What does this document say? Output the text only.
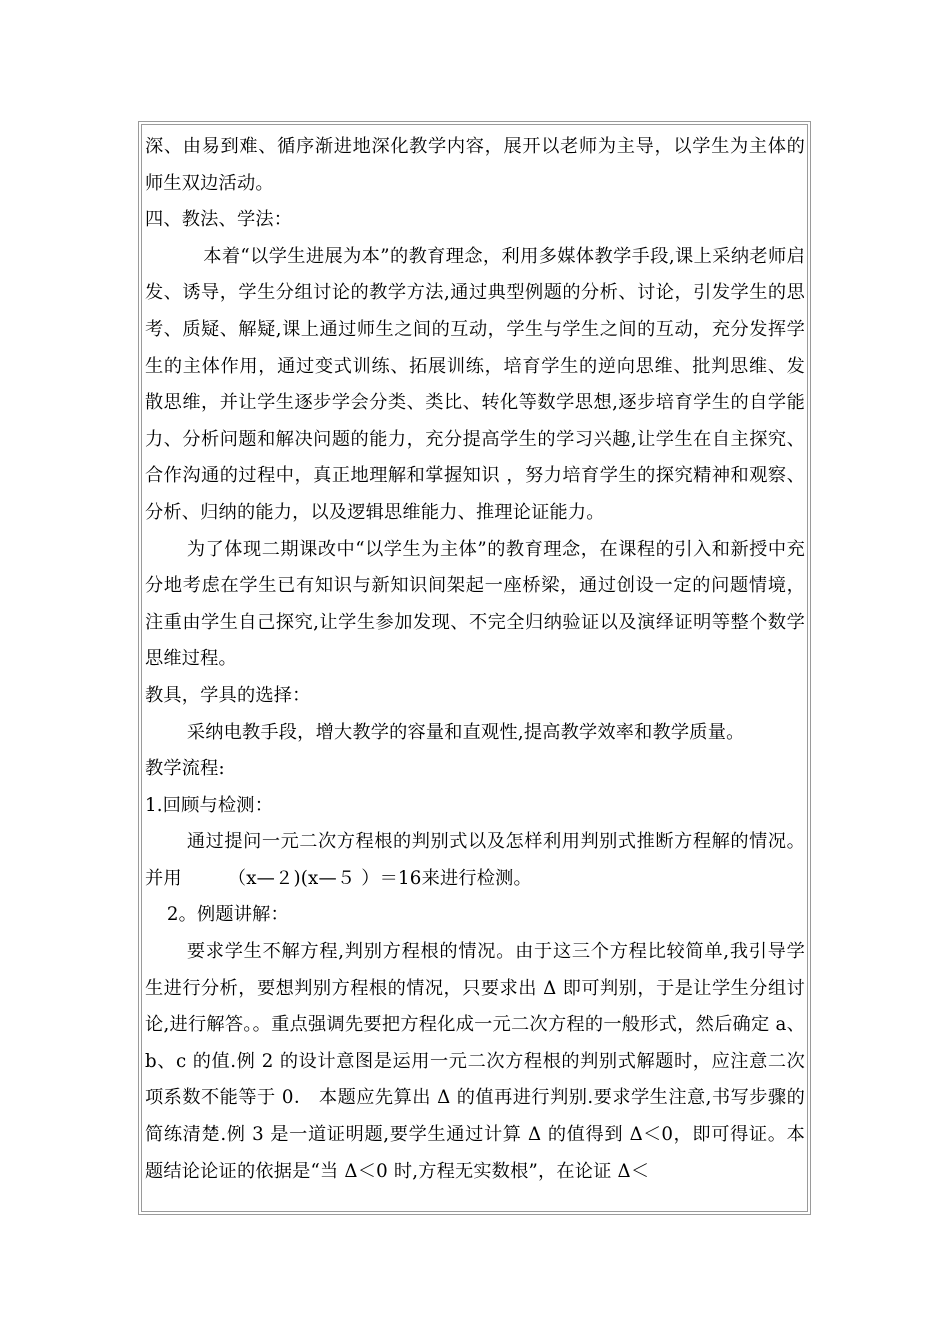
深、由易到难、循序渐进地深化教学内容，展开以老师为主导，以学生为主体的师生双边活动。

四、教法、学法：

本着“以学生进展为本”的教育理念，利用多媒体教学手段,课上采纳老师启发、诱导，学生分组讨论的教学方法,通过典型例题的分析、讨论，引发学生的思考、质疑、解疑,课上通过师生之间的互动，学生与学生之间的互动，充分发挥学生的主体作用，通过变式训练、拓展训练，培育学生的逆向思维、批判思维、发散思维，并让学生逐步学会分类、类比、转化等数学思想,逐步培育学生的自学能力、分析问题和解决问题的能力，充分提高学生的学习兴趣,让学生在自主探究、合作沟通的过程中，真正地理解和掌握知识 ，努力培育学生的探究精神和观察、分析、归纳的能力，以及逻辑思维能力、推理论证能力。

为了体现二期课改中“以学生为主体”的教育理念，在课程的引入和新授中充分地考虑在学生已有知识与新知识间架起一座桥梁，通过创设一定的问题情境，注重由学生自己探究,让学生参加发现、不完全归纳验证以及演绎证明等整个数学思维过程。

教具，学具的选择：

采纳电教手段，增大教学的容量和直观性,提高教学效率和教学质量。

教学流程:

1.回顾与检测：

通过提问一元二次方程根的判别式以及怎样利用判别式推断方程解的情况。并用　　　（x—２)(x—５ ）＝16来进行检测。

2。例题讲解：

要求学生不解方程,判别方程根的情况。由于这三个方程比较简单,我引导学生进行分析，要想判别方程根的情况，只要求出 Δ 即可判别，于是让学生分组讨论,进行解答。。重点强调先要把方程化成一元二次方程的一般形式，然后确定 a、b、c 的值.例 2 的设计意图是运用一元二次方程根的判别式解题时，应注意二次项系数不能等于 0． 本题应先算出 Δ 的值再进行判别.要求学生注意,书写步骤的简练清楚.例 3 是一道证明题,要学生通过计算 Δ 的值得到 Δ＜0，即可得证。本题结论论证的依据是“当 Δ＜0 时,方程无实数根”，在论证 Δ＜
